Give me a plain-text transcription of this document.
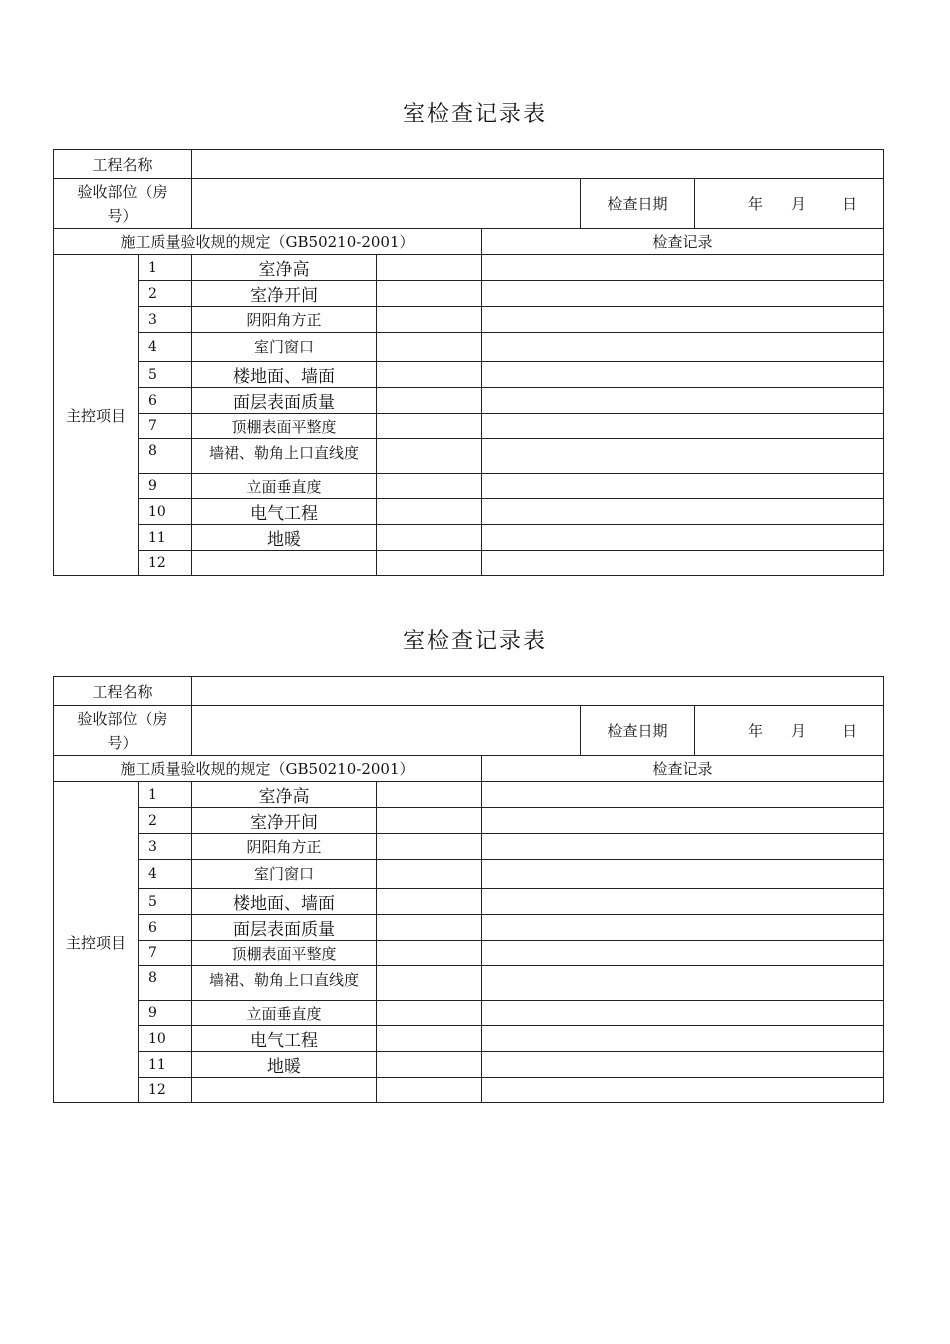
室检查记录表
工程名称						
验收部位（房
号）					检查日期	年 月 日
施工质量验收规的规定（GB50210-2001）				检查记录		
主控项目	1	室净高				
	2	室净开间				
	3	阴阳角方正				
	4	室门窗口				
	5	楼地面、墙面				
	6	面层表面质量				
	7	顶棚表面平整度				
	8	墙裙、勒角上口直线度				
	9	立面垂直度				
	10	电气工程				
	11	地暖				
	12					
室检查记录表
工程名称						
验收部位（房
号）					检查日期	年 月 日
施工质量验收规的规定（GB50210-2001）				检查记录		
主控项目	1	室净高				
	2	室净开间				
	3	阴阳角方正				
	4	室门窗口				
	5	楼地面、墙面				
	6	面层表面质量				
	7	顶棚表面平整度				
	8	墙裙、勒角上口直线度				
	9	立面垂直度				
	10	电气工程				
	11	地暖				
	12					
